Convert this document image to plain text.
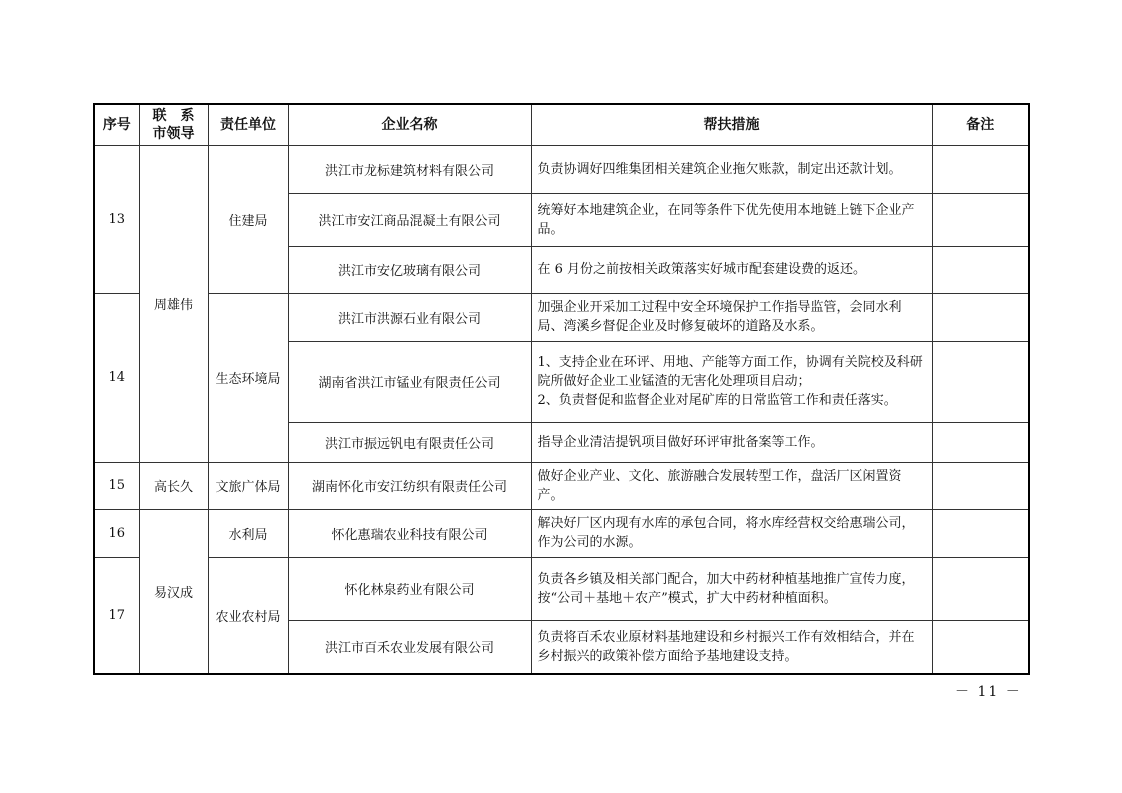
序号	联　系
市领导	责任单位	企业名称	帮扶措施	备注
13	周雄伟	住建局	洪江市龙标建筑材料有限公司	负责协调好四维集团相关建筑企业拖欠账款，制定出还款计划。	
			洪江市安江商品混凝土有限公司	统筹好本地建筑企业，在同等条件下优先使用本地链上链下企业产品。	
			洪江市安亿玻璃有限公司	在 6 月份之前按相关政策落实好城市配套建设费的返还。	
14		生态环境局	洪江市洪源石业有限公司	加强企业开采加工过程中安全环境保护工作指导监管，会同水利局、湾溪乡督促企业及时修复破坏的道路及水系。	
			湖南省洪江市锰业有限责任公司	1、支持企业在环评、用地、产能等方面工作，协调有关院校及科研院所做好企业工业锰渣的无害化处理项目启动；
2、负责督促和监督企业对尾矿库的日常监管工作和责任落实。	

			洪江市振远钒电有限责任公司	指导企业清洁提钒项目做好环评审批备案等工作。	
15	高长久	文旅广体局	湖南怀化市安江纺织有限责任公司	做好企业产业、文化、旅游融合发展转型工作，盘活厂区闲置资产。	
16	易汉成	水利局	怀化惠瑞农业科技有限公司	解决好厂区内现有水库的承包合同，将水库经营权交给惠瑞公司，作为公司的水源。	
17		农业农村局	怀化林泉药业有限公司	负责各乡镇及相关部门配合，加大中药材种植基地推广宣传力度，按“公司＋基地＋农产”模式，扩大中药材种植面积。	
			洪江市百禾农业发展有限公司	负责将百禾农业原材料基地建设和乡村振兴工作有效相结合，并在乡村振兴的政策补偿方面给予基地建设支持。	
－ 11 －
